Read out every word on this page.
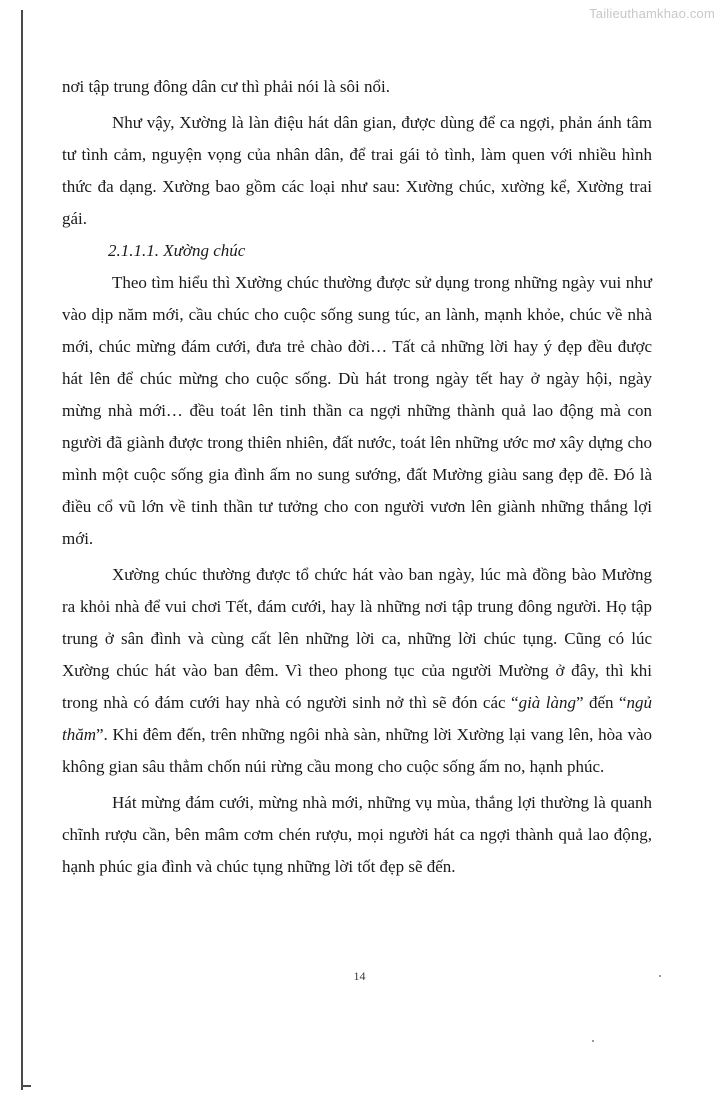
Tailieuthamkhao.com

nơi tập trung đông dân cư thì phải nói là sôi nổi.

Như vậy, Xường là làn điệu hát dân gian, được dùng để ca ngợi, phản ánh tâm tư tình cảm, nguyện vọng của nhân dân, để trai gái tỏ tình, làm quen với nhiều hình thức đa dạng. Xường bao gồm các loại như sau: Xường chúc, xường kể, Xường trai gái.

2.1.1.1. Xường chúc

Theo tìm hiểu thì Xường chúc thường được sử dụng trong những ngày vui như vào dịp năm mới, cầu chúc cho cuộc sống sung túc, an lành, mạnh khỏe, chúc về nhà mới, chúc mừng đám cưới, đưa trẻ chào đời… Tất cả những lời hay ý đẹp đều được hát lên để chúc mừng cho cuộc sống. Dù hát trong ngày tết hay ở ngày hội, ngày mừng nhà mới… đều toát lên tinh thần ca ngợi những thành quả lao động mà con người đã giành được trong thiên nhiên, đất nước, toát lên những ước mơ xây dựng cho mình một cuộc sống gia đình ấm no sung sướng, đất Mường giàu sang đẹp đẽ. Đó là điều cổ vũ lớn về tinh thần tư tưởng cho con người vươn lên giành những thắng lợi mới.

Xường chúc thường được tổ chức hát vào ban ngày, lúc mà đồng bào Mường ra khỏi nhà để vui chơi Tết, đám cưới, hay là những nơi tập trung đông người. Họ tập trung ở sân đình và cùng cất lên những lời ca, những lời chúc tụng. Cũng có lúc Xường chúc hát vào ban đêm. Vì theo phong tục của người Mường ở đây, thì khi trong nhà có đám cưới hay nhà có người sinh nở thì sẽ đón các “già làng” đến “ngủ thăm”. Khi đêm đến, trên những ngôi nhà sàn, những lời Xường lại vang lên, hòa vào không gian sâu thẳm chốn núi rừng cầu mong cho cuộc sống ấm no, hạnh phúc.

Hát mừng đám cưới, mừng nhà mới, những vụ mùa, thắng lợi thường là quanh chĩnh rượu cần, bên mâm cơm chén rượu, mọi người hát ca ngợi thành quả lao động, hạnh phúc gia đình và chúc tụng những lời tốt đẹp sẽ đến.

14
